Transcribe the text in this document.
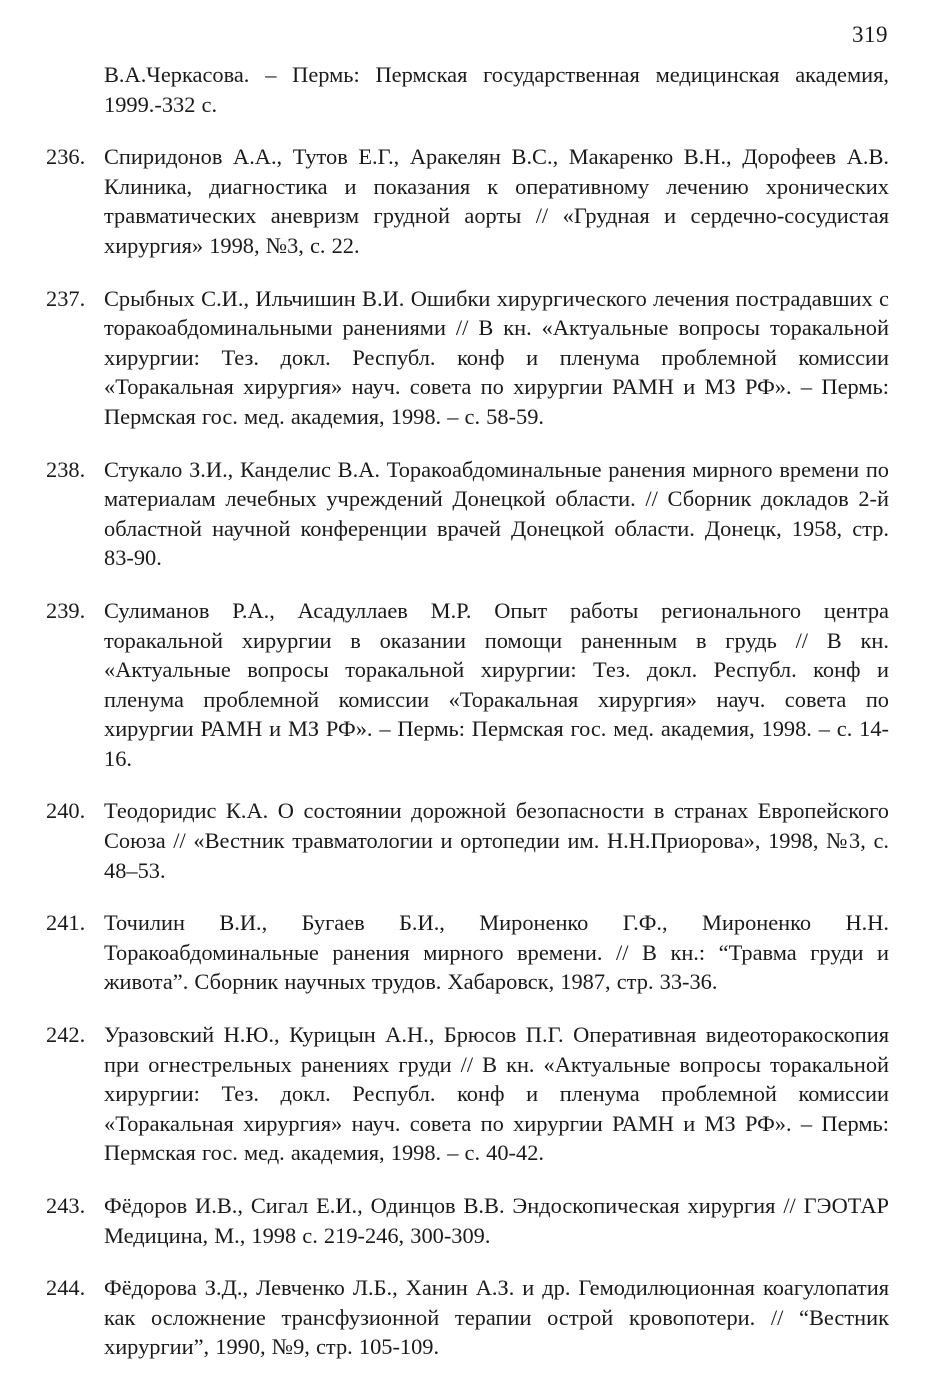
319
В.А.Черкасова. – Пермь: Пермская государственная медицинская академия, 1999.-332 с.
236. Спиридонов А.А., Тутов Е.Г., Аракелян В.С., Макаренко В.Н., Дорофеев А.В. Клиника, диагностика и показания к оперативному лечению хронических травматических аневризм грудной аорты // «Грудная и сердечно-сосудистая хирургия» 1998, №3, с. 22.
237. Срыбных С.И., Ильчишин В.И. Ошибки хирургического лечения пострадавших с торакоабдоминальными ранениями // В кн. «Актуальные вопросы торакальной хирургии: Тез. докл. Республ. конф и пленума проблемной комиссии «Торакальная хирургия» науч. совета по хирургии РАМН и МЗ РФ». – Пермь: Пермская гос. мед. академия, 1998. – с. 58-59.
238. Стукало З.И., Канделис В.А. Торакоабдоминальные ранения мирного времени по материалам лечебных учреждений Донецкой области. // Сборник докладов 2-й областной научной конференции врачей Донецкой области. Донецк, 1958, стр. 83-90.
239. Сулиманов Р.А., Асадуллаев М.Р. Опыт работы регионального центра торакальной хирургии в оказании помощи раненным в грудь // В кн. «Актуальные вопросы торакальной хирургии: Тез. докл. Республ. конф и пленума проблемной комиссии «Торакальная хирургия» науч. совета по хирургии РАМН и МЗ РФ». – Пермь: Пермская гос. мед. академия, 1998. – с. 14-16.
240. Теодоридис К.А. О состоянии дорожной безопасности в странах Европейского Союза // «Вестник травматологии и ортопедии им. Н.Н.Приорова», 1998, №3, с. 48–53.
241. Точилин В.И., Бугаев Б.И., Мироненко Г.Ф., Мироненко Н.Н. Торакоабдоминальные ранения мирного времени. // В кн.: “Травма груди и живота”. Сборник научных трудов. Хабаровск, 1987, стр. 33-36.
242. Уразовский Н.Ю., Курицын А.Н., Брюсов П.Г. Оперативная видеоторакоскопия при огнестрельных ранениях груди // В кн. «Актуальные вопросы торакальной хирургии: Тез. докл. Республ. конф и пленума проблемной комиссии «Торакальная хирургия» науч. совета по хирургии РАМН и МЗ РФ». – Пермь: Пермская гос. мед. академия, 1998. – с. 40-42.
243. Фёдоров И.В., Сигал Е.И., Одинцов В.В. Эндоскопическая хирургия // ГЭОТАР Медицина, М., 1998 с. 219-246, 300-309.
244. Фёдорова З.Д., Левченко Л.Б., Ханин А.З. и др. Гемодилюционная коагулопатия как осложнение трансфузионной терапии острой кровопотери. // “Вестник хирургии”, 1990, №9, стр. 105-109.
